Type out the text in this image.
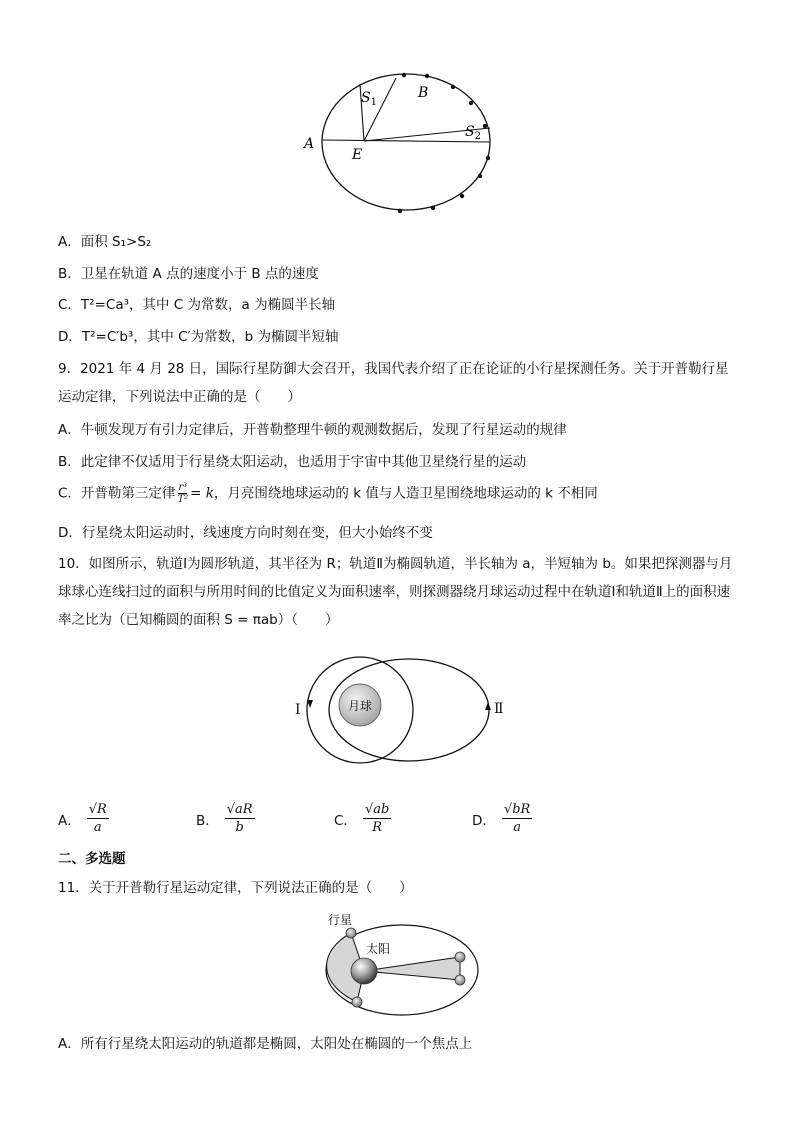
$S_1$
B
A
E
$S_2$
A．面积 S₁>S₂
B．卫星在轨道 A 点的速度小于 B 点的速度
C．T²=Ca³，其中 C 为常数，a 为椭圆半长轴
D．T²=C′b³，其中 C′为常数，b 为椭圆半短轴
9．2021 年 4 月 28 日，国际行星防御大会召开，我国代表介绍了正在论证的小行星探测任务。关于开普勒行星运动定律，下列说法中正确的是（　　）
A．牛顿发现万有引力定律后，开普勒整理牛顿的观测数据后，发现了行星运动的规律
B．此定律不仅适用于行星绕太阳运动，也适用于宇宙中其他卫星绕行星的运动
C．开普勒第三定律 $\frac{\text{r³}}{\text{T²}} = k$，月亮围绕地球运动的 k 值与人造卫星围绕地球运动的 k 不相同
D．行星绕太阳运动时，线速度方向时刻在变，但大小始终不变
10．如图所示，轨道Ⅰ为圆形轨道，其半径为 R；轨道Ⅱ为椭圆轨道，半长轴为 a，半短轴为 b。如果把探测器与月球球心连线扫过的面积与所用时间的比值定义为面积速率，则探测器绕月球运动过程中在轨道Ⅰ和轨道Ⅱ上的面积速率之比为（已知椭圆的面积 S = πab）（　　）
月球
Ⅰ	Ⅱ
A． $\frac{√R}{a}$	B． $\frac{√aR}{b}$	C． $\frac{√ab}{R}$	D． $\frac{√bR}{a}$
二、多选题
11．关于开普勒行星运动定律，下列说法正确的是（　　）
行星
太阳
A．所有行星绕太阳运动的轨道都是椭圆，太阳处在椭圆的一个焦点上
